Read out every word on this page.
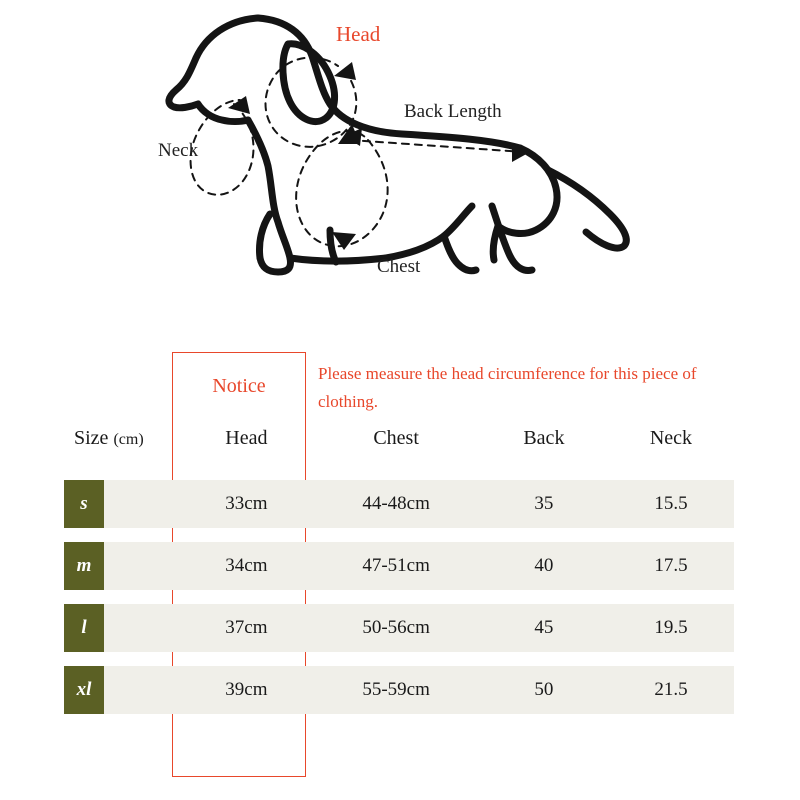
Head
Neck
Back Length
Chest
Notice
Please measure the head circumference for this piece of clothing.
Size (cm)	Head	Chest	Back	Neck
s	33cm	44-48cm	35	15.5
m	34cm	47-51cm	40	17.5
l	37cm	50-56cm	45	19.5
xl	39cm	55-59cm	50	21.5
